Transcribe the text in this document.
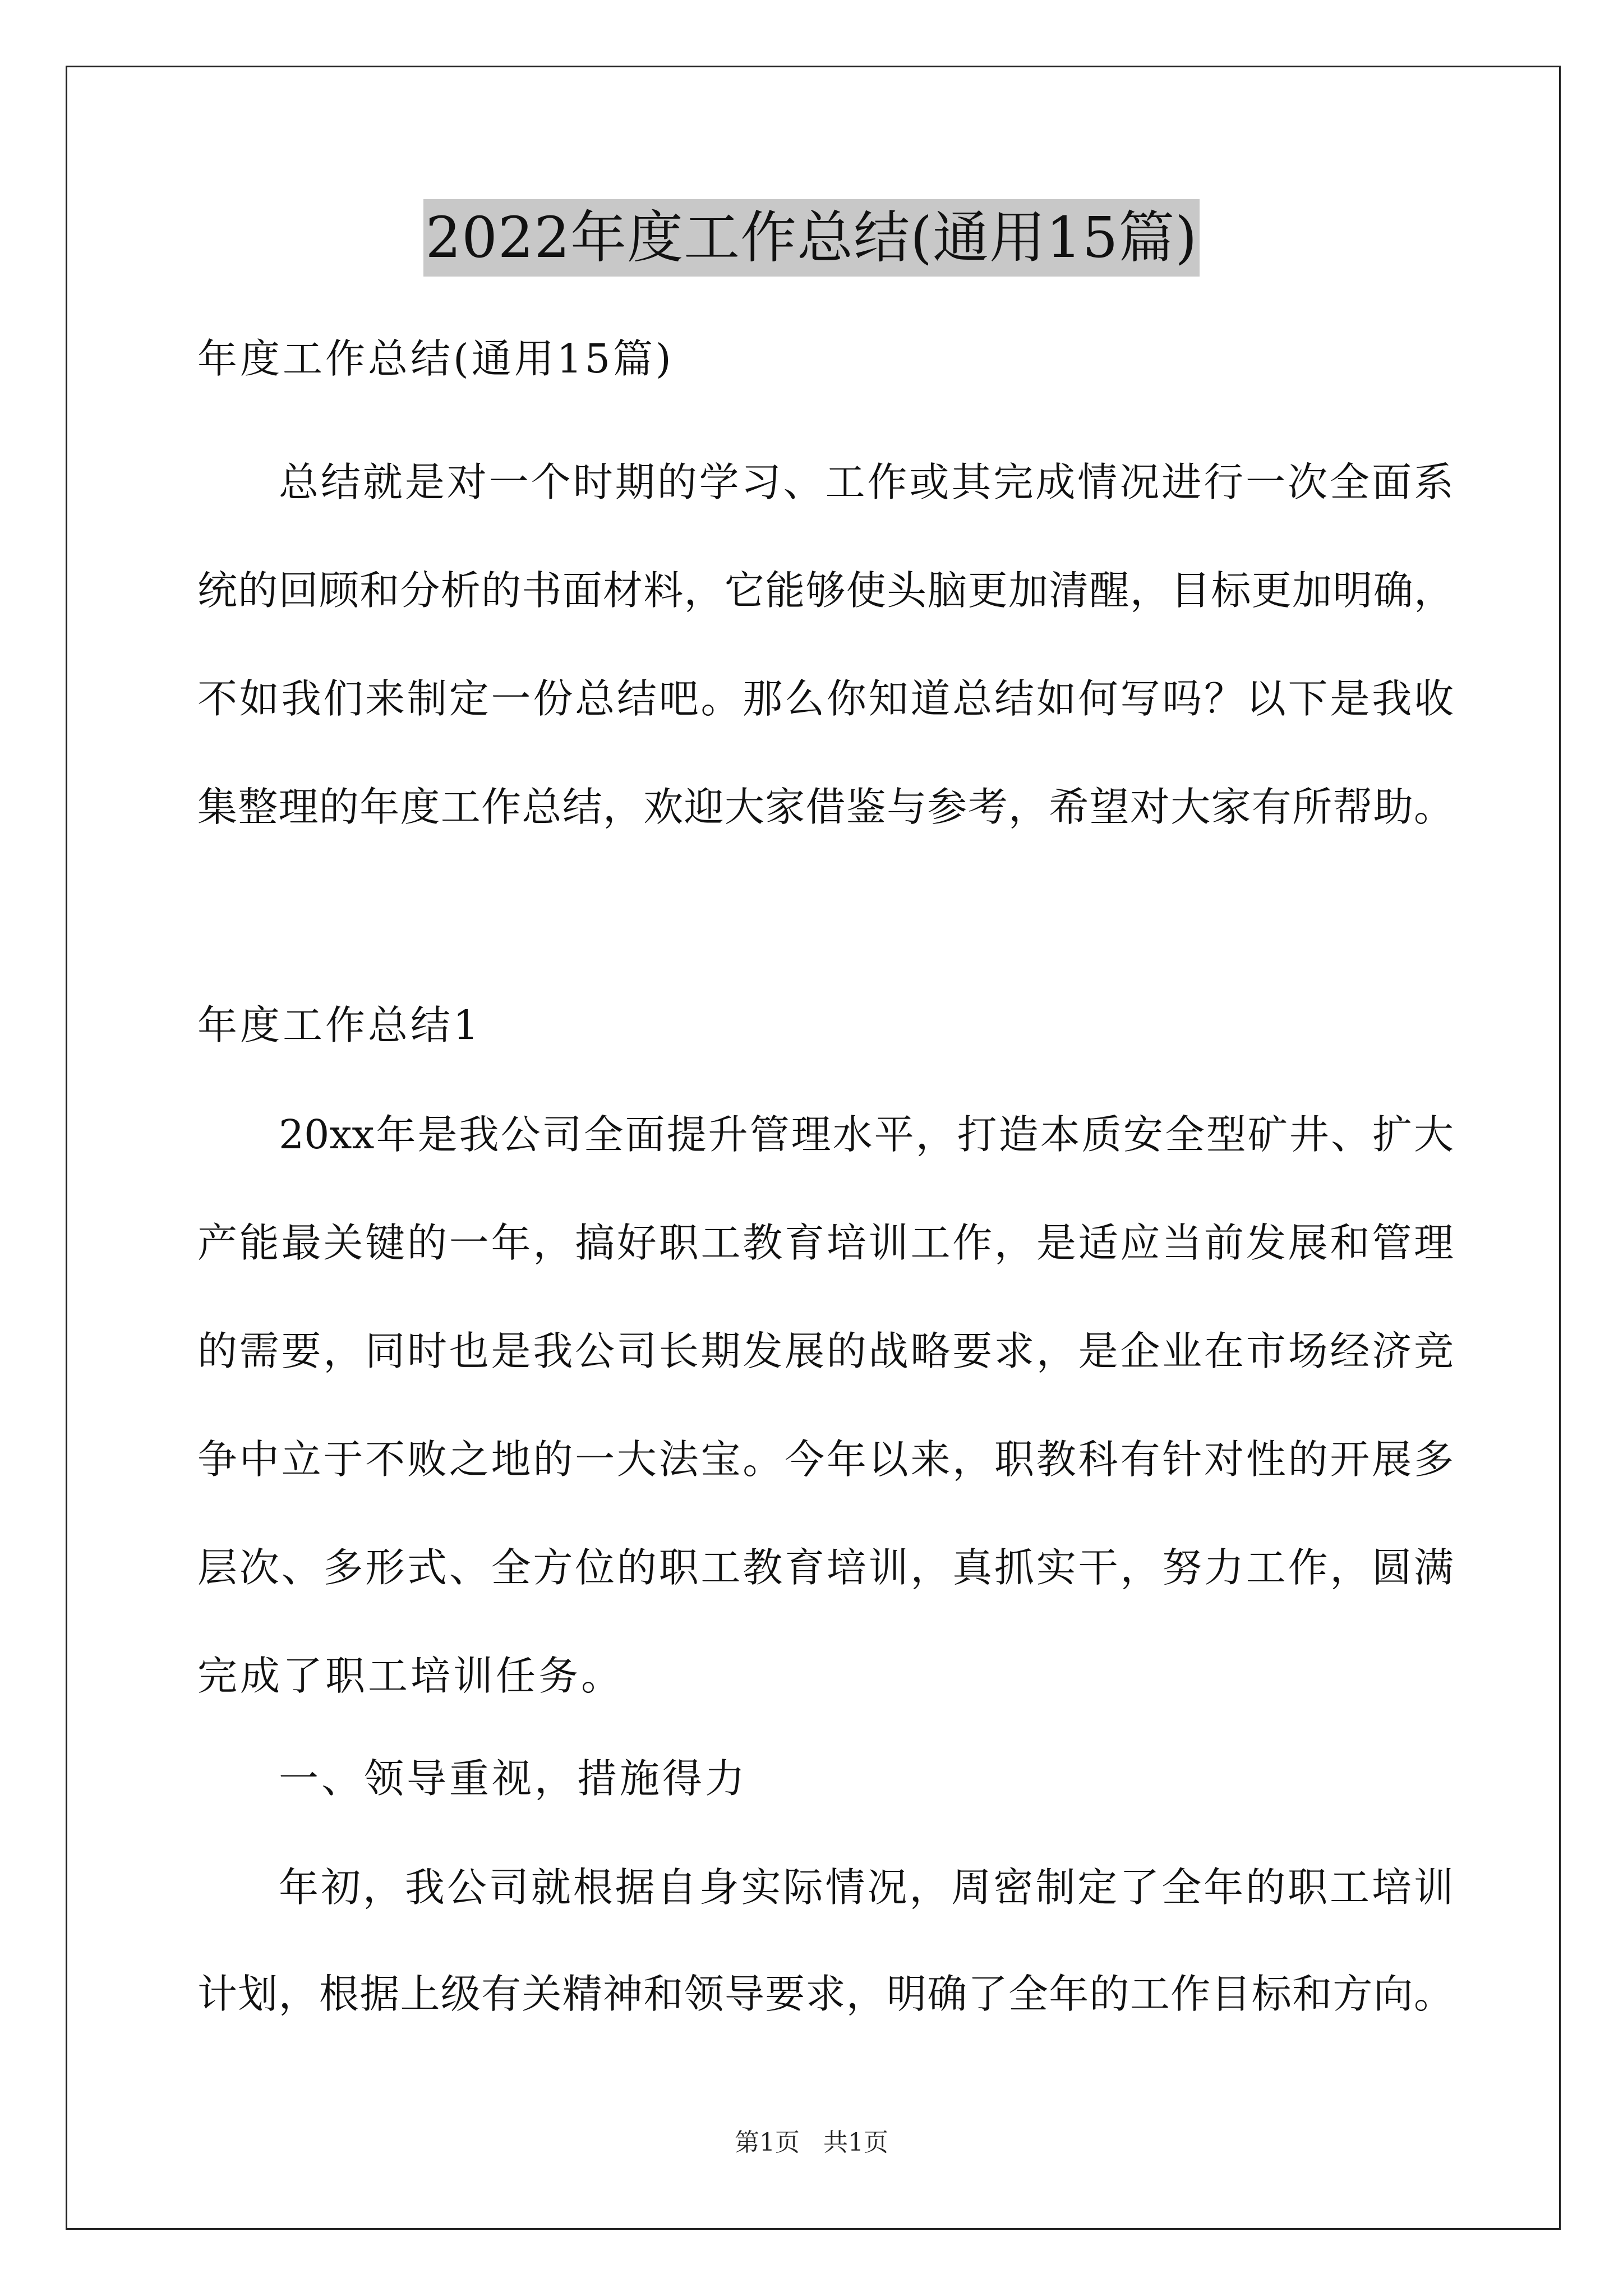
2022年度工作总结(通用15篇)
年度工作总结(通用15篇)
总结就是对一个时期的学习、工作或其完成情况进行一次全面系
统的回顾和分析的书面材料，它能够使头脑更加清醒，目标更加明确，
不如我们来制定一份总结吧。那么你知道总结如何写吗？以下是我收
集整理的年度工作总结，欢迎大家借鉴与参考，希望对大家有所帮助。
年度工作总结1
20xx年是我公司全面提升管理水平，打造本质安全型矿井、扩大
产能最关键的一年，搞好职工教育培训工作，是适应当前发展和管理
的需要，同时也是我公司长期发展的战略要求，是企业在市场经济竞
争中立于不败之地的一大法宝。今年以来，职教科有针对性的开展多
层次、多形式、全方位的职工教育培训，真抓实干，努力工作，圆满
完成了职工培训任务。
一、领导重视，措施得力
年初，我公司就根据自身实际情况，周密制定了全年的职工培训
计划，根据上级有关精神和领导要求，明确了全年的工作目标和方向。
第1页 共1页
